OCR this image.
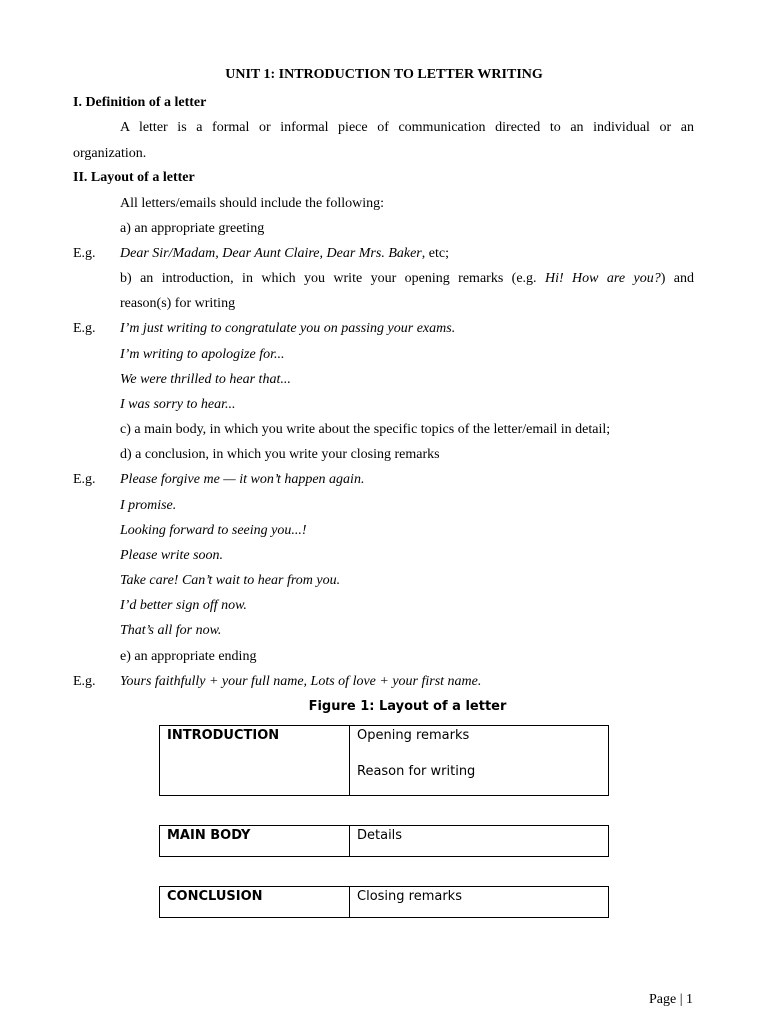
UNIT 1: INTRODUCTION TO LETTER WRITING
I. Definition of a letter
A letter is a formal or informal piece of communication directed to an individual or an
organization.
II. Layout of a letter
All letters/emails should include the following:
a) an appropriate greeting
E.g. Dear Sir/Madam, Dear Aunt Claire, Dear Mrs. Baker, etc;
b) an introduction, in which you write your opening remarks (e.g. Hi! How are you?) and
reason(s) for writing
E.g. I’m just writing to congratulate you on passing your exams.
I’m writing to apologize for...
We were thrilled to hear that...
I was sorry to hear...
c) a main body, in which you write about the specific topics of the letter/email in detail;
d) a conclusion, in which you write your closing remarks
E.g. Please forgive me — it won’t happen again.
I promise.
Looking forward to seeing you...!
Please write soon.
Take care! Can’t wait to hear from you.
I’d better sign off now.
That’s all for now.
e) an appropriate ending
E.g. Yours faithfully + your full name, Lots of love + your first name.
Figure 1: Layout of a letter
INTRODUCTION	Opening remarks
Reason for writing
MAIN BODY	Details
CONCLUSION	Closing remarks
Page | 1
